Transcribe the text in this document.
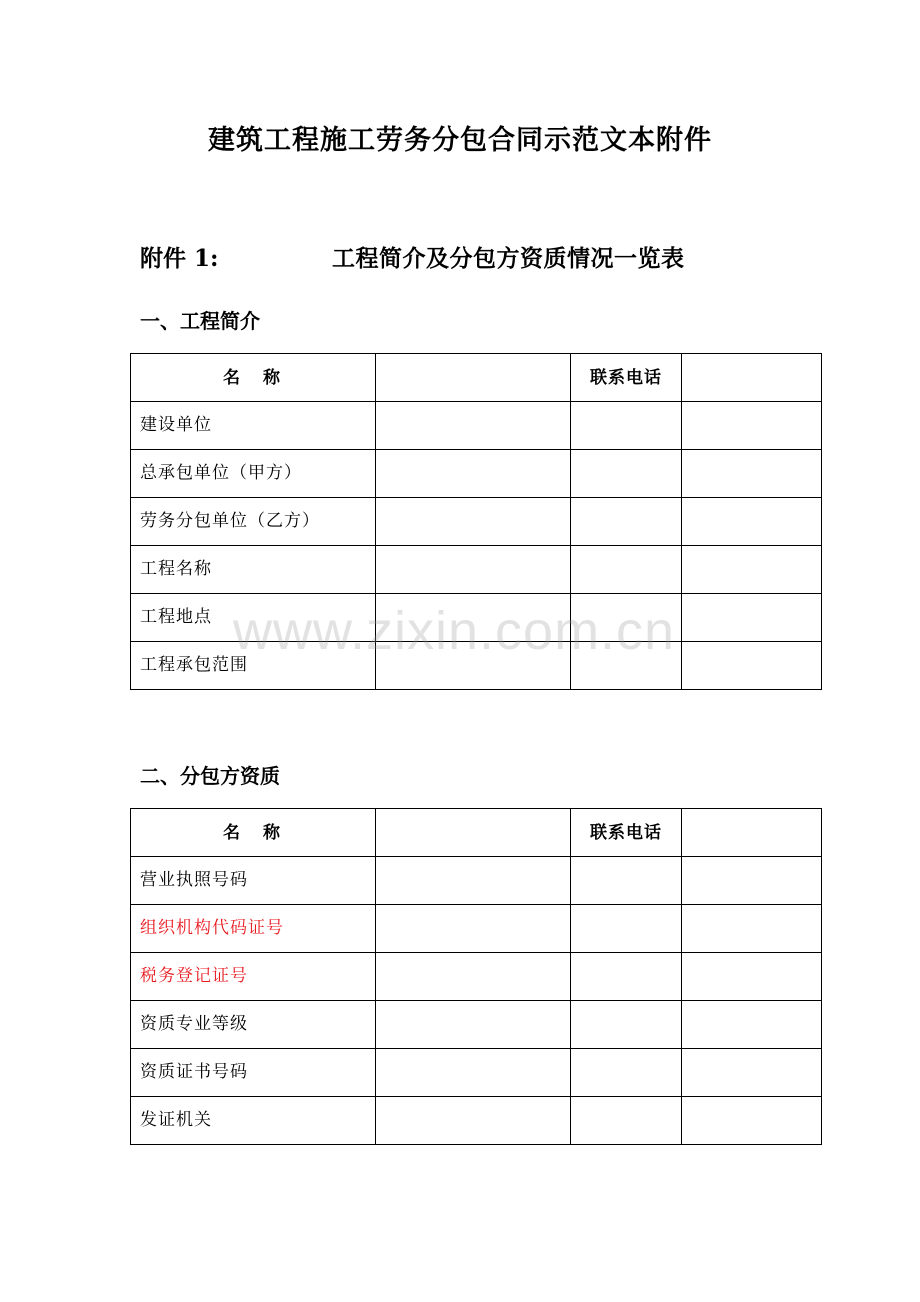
建筑工程施工劳务分包合同示范文本附件
附件 1:	工程简介及分包方资质情况一览表
一、工程简介
名　称		联系电话	

建设单位			

总承包单位（甲方）			

劳务分包单位（乙方）			

工程名称			

工程地点			

工程承包范围			

二、分包方资质
名　称		联系电话	

营业执照号码			

组织机构代码证号			

税务登记证号			

资质专业等级			

资质证书号码			

发证机关			

www.zixin.com.cn
